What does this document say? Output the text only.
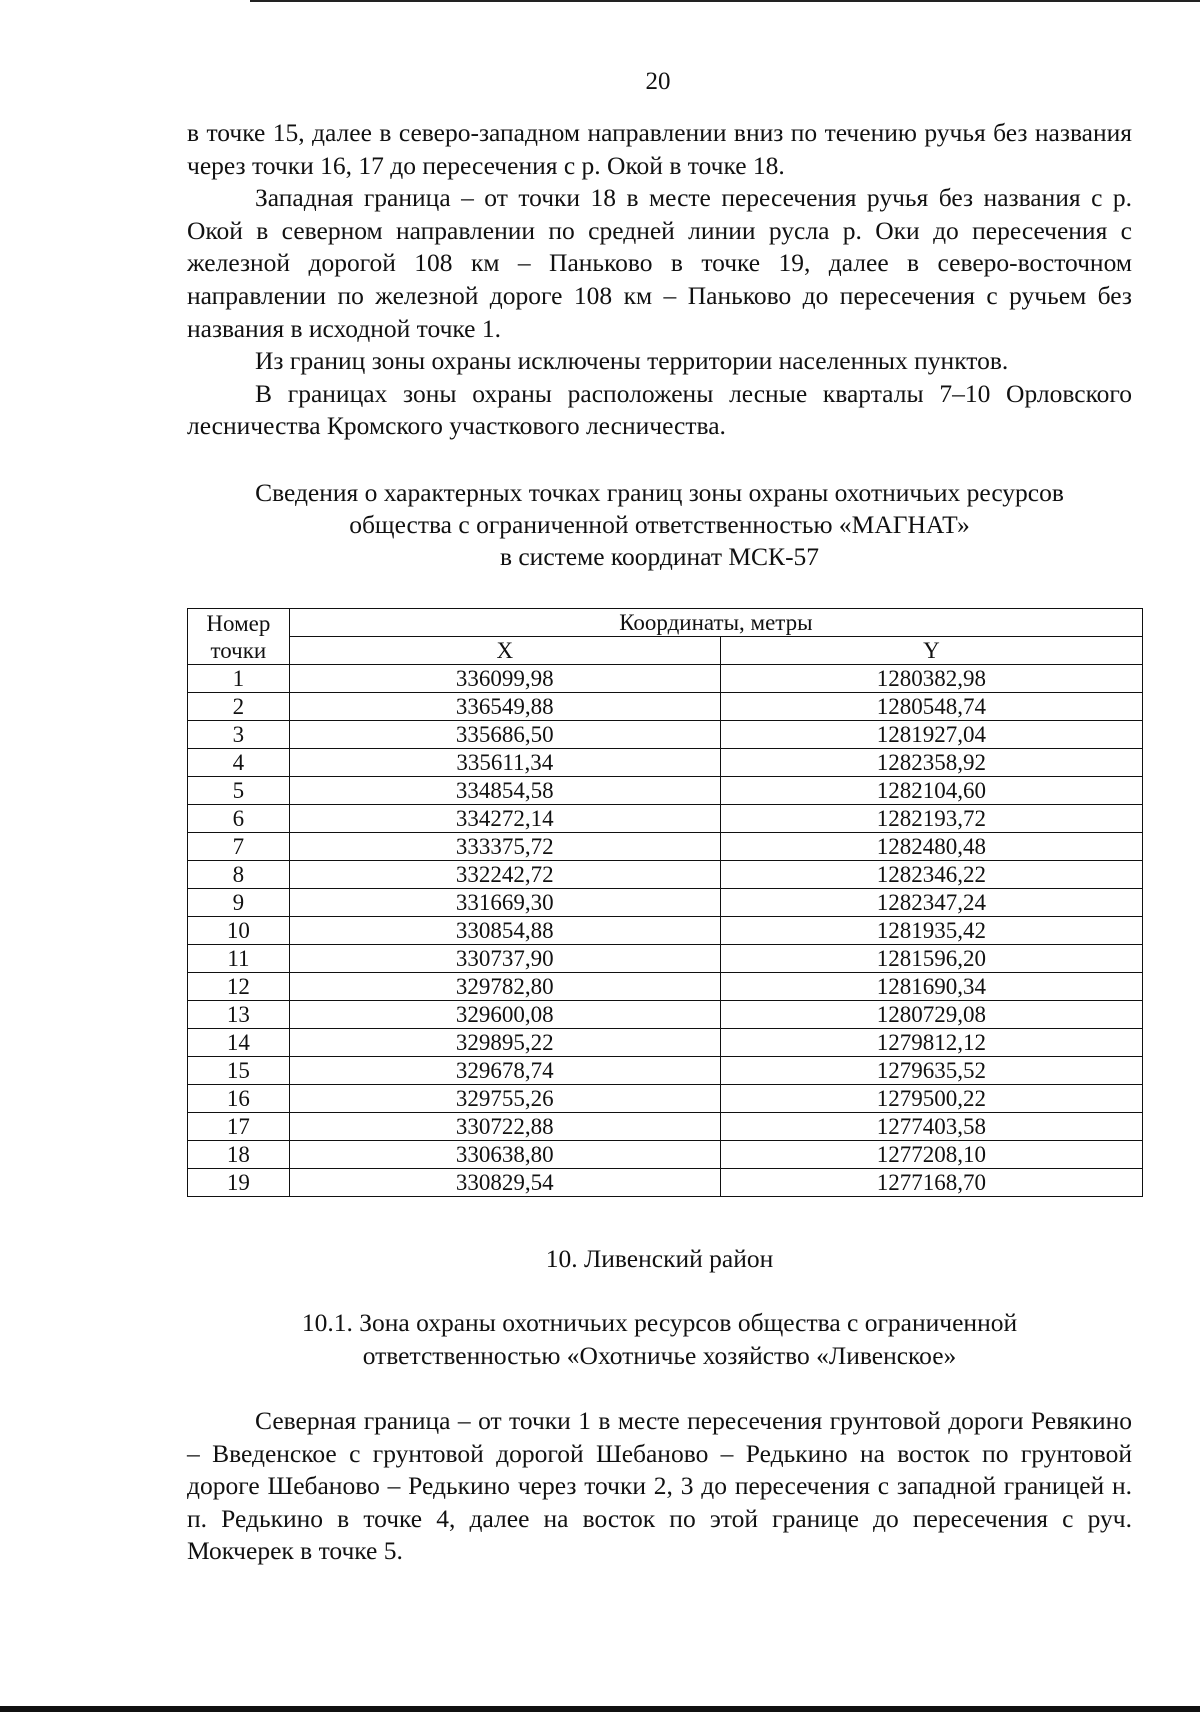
20

в точке 15, далее в северо-западном направлении вниз по течению ручья без названия через точки 16, 17 до пересечения с р. Окой в точке 18.

Западная граница – от точки 18 в месте пересечения ручья без названия с р. Окой в северном направлении по средней линии русла р. Оки до пересечения с железной дорогой 108 км – Паньково в точке 19, далее в северо-восточном направлении по железной дороге 108 км – Паньково до пересечения с ручьем без названия в исходной точке 1.

Из границ зоны охраны исключены территории населенных пунктов.

В границах зоны охраны расположены лесные кварталы 7–10 Орловского лесничества Кромского участкового лесничества.

Сведения о характерных точках границ зоны охраны охотничьих ресурсов
общества с ограниченной ответственностью «МАГНАТ»
в системе координат МСК-57
Номер
точки	Координаты, метры	
	X	Y
1	336099,98	1280382,98
2	336549,88	1280548,74
3	335686,50	1281927,04
4	335611,34	1282358,92
5	334854,58	1282104,60
6	334272,14	1282193,72
7	333375,72	1282480,48
8	332242,72	1282346,22
9	331669,30	1282347,24
10	330854,88	1281935,42
11	330737,90	1281596,20
12	329782,80	1281690,34
13	329600,08	1280729,08
14	329895,22	1279812,12
15	329678,74	1279635,52
16	329755,26	1279500,22
17	330722,88	1277403,58
18	330638,80	1277208,10
19	330829,54	1277168,70
10. Ливенский район
10.1. Зона охраны охотничьих ресурсов общества с ограниченной
ответственностью «Охотничье хозяйство «Ливенское»

Северная граница – от точки 1 в месте пересечения грунтовой дороги Ревякино – Введенское с грунтовой дорогой Шебаново – Редькино на восток по грунтовой дороге Шебаново – Редькино через точки 2, 3 до пересечения с западной границей н. п. Редькино в точке 4, далее на восток по этой границе до пересечения с руч. Мокчерек в точке 5.
